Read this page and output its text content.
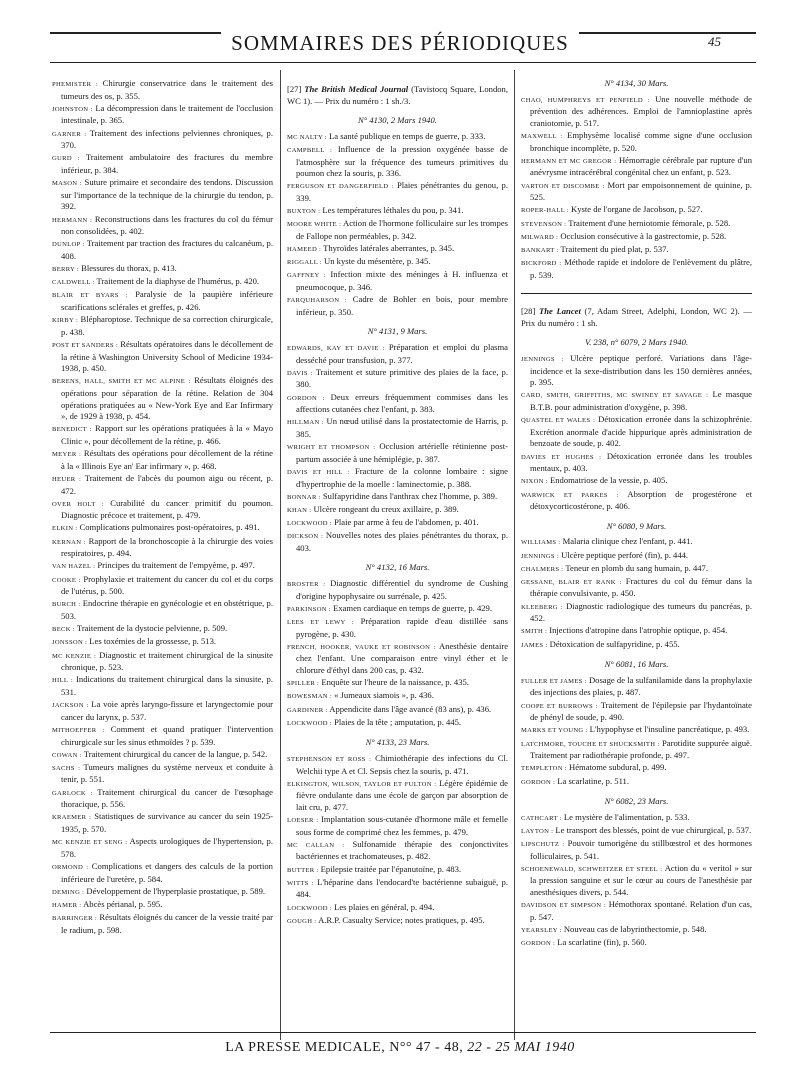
SOMMAIRES DES PÉRIODIQUES	45

PHEMISTER : Chirurgie conservatrice dans le traitement des tumeurs des os, p. 355.

JOHNSTON : La décompression dans le traitement de l'occlusion intestinale, p. 365.

GARNER : Traitement des infections pelviennes chroniques, p. 370.

GURD : Traitement ambulatoire des fractures du membre inférieur, p. 384.

MASON : Suture primaire et secondaire des tendons. Discussion sur l'importance de la technique de la chirurgie du tendon, p. 392.

HERMANN : Reconstructions dans les fractures du col du fémur non consolidées, p. 402.

DUNLOP : Traitement par traction des fractures du calcanéum, p. 408.

BERRY : Blessures du thorax, p. 413.

CALDWELL : Traitement de la diaphyse de l'humérus, p. 420.

BLAIR ET BYARS : Paralysie de la paupière inférieure scarifications sclérales et greffes, p. 426.

KIRBY : Blépharoptose. Technique de sa correction chirurgicale, p. 438.

POST ET SANDERS : Résultats opératoires dans le décollement de la rétine à Washington University School of Medicine 1934-1938, p. 450.

BERENS, HALL, SMITH ET MC ALPINE : Résultats éloignés des opérations pour séparation de la rétine. Relation de 304 opérations pratiquées au « New-York Eye and Ear Infirmary », de 1929 à 1938, p. 454.

BENEDICT : Rapport sur les opérations pratiquées à la « Mayo Clinic », pour décollement de la rétine, p. 466.

MEYER : Résultats des opérations pour décollement de la rétine à la « Illinois Eye an' Ear infirmary », p. 468.

HEUER : Traitement de l'abcès du poumon aigu ou récent, p. 472.

OVER HOLT : Curabilité du cancer primitif du poumon. Diagnostic précoce et traitement, p. 479.

ELKIN : Complications pulmonaires post-opératoires, p. 491.

KERNAN : Rapport de la bronchoscopie à la chirurgie des voies respiratoires, p. 494.

VAN HAZEL : Principes du traitement de l'empyème, p. 497.

COOKE : Prophylaxie et traitement du cancer du col et du corps de l'utérus, p. 500.

BURCH : Endocrine thérapie en gynécologie et en obstétrique, p. 503.

BECK : Traitement de la dystocie pelvienne, p. 509.

JONSSON : Les toxémies de la grossesse, p. 513.

MC KENZIE : Diagnostic et traitement chirurgical de la sinusite chronique, p. 523.

HILL : Indications du traitement chirurgical dans la sinusite, p. 531.

JACKSON : La voie après laryngo-fissure et laryngectomie pour cancer du larynx, p. 537.

MITHOEFFER : Comment et quand pratiquer l'intervention chirurgicale sur les sinus ethmoïdes ? p. 539.

COWAN : Traitement chirurgical du cancer de la langue, p. 542.

SACHS : Tumeurs malignes du système nerveux et conduite à tenir, p. 551.

GARLOCK : Traitement chirurgical du cancer de l'œsophage thoracique, p. 556.

KRAEMER : Statistiques de survivance au cancer du sein 1925-1935, p. 570.

MC KENZIE ET SENG : Aspects urologiques de l'hypertension, p. 578.

ORMOND : Complications et dangers des calculs de la portion inférieure de l'uretère, p. 584.

DEMING : Développement de l'hyperplasie prostatique, p. 589.

HAMER : Abcès périanal, p. 595.

BARRINGER : Résultats éloignés du cancer de la vessie traité par le radium, p. 598.

[27] The British Medical Journal (Tavistocq Square, London, WC 1). — Prix du numéro : 1 sh./3.
N° 4130, 2 Mars 1940.

MC NALTY : La santé publique en temps de guerre, p. 333.

CAMPBELL : Influence de la pression oxygénée basse de l'atmosphère sur la fréquence des tumeurs primitives du poumon chez la souris, p. 336.

FERGUSON ET DANGERFIELD : Plaies pénétrantes du genou, p. 339.

BUXTON : Les températures léthales du pou, p. 341.

MOORE WHITE : Action de l'hormone folliculaire sur les trompes de Fallope non perméables, p. 342.

HAMEED : Thyroïdes latérales aberrantes, p. 345.

RIGGALL : Un kyste du mésentère, p. 345.

GAFFNEY : Infection mixte des méninges à H. influenza et pneumocoque, p. 346.

FARQUHARSON : Cadre de Bohler en bois, pour membre inférieur, p. 350.

N° 4131, 9 Mars.

EDWARDS, KAY ET DAVIE : Préparation et emploi du plasma desséché pour transfusion, p. 377.

DAVIS : Traitement et suture primitive des plaies de la face, p. 380.

GORDON : Deux erreurs fréquemment commises dans les affections cutanées chez l'enfant, p. 383.

HILLMAN : Un nœud utilisé dans la prostatectomie de Harris, p. 385.

WRIGHT ET THOMPSON : Occlusion artérielle rétinienne post-partum associée à une hémiplégie, p. 387.

DAVIS ET HILL : Fracture de la colonne lombaire : signe d'hypertrophie de la moelle : laminectomie, p. 388.

BONNAR : Sulfapyridine dans l'anthrax chez l'homme, p. 389.

KHAN : Ulcère rongeant du creux axillaire, p. 389.

LOCKWOOD : Plaie par arme à feu de l'abdomen, p. 401.

DICKSON : Nouvelles notes des plaies pénétrantes du thorax, p. 403.

N° 4132, 16 Mars.

BROSTER : Diagnostic différentiel du syndrome de Cushing d'origine hypophysaire ou surrénale, p. 425.

PARKINSON : Examen cardiaque en temps de guerre, p. 429.

LEES ET LEWY : Préparation rapide d'eau distillée sans pyrogène, p. 430.

FRENCH, HOOKER, VAUKE ET ROBINSON : Anesthésie dentaire chez l'enfant. Une comparaison entre vinyl éther et le chlorure d'éthyl dans 200 cas, p. 432.

SPILLER : Enquête sur l'heure de la naissance, p. 435.

BOWESMAN : « Jumeaux siamois », p. 436.

GARDINER : Appendicite dans l'âge avancé (83 ans), p. 436.

LOCKWOOD : Plaies de la tête ; amputation, p. 445.

N° 4133, 23 Mars.

STEPHENSON ET ROSS : Chimiothérapie des infections du Cl. Welchii type A et Cl. Sepsis chez la souris, p. 471.

ELKINGTON, WILSON, TAYLOR ET FULTON : Légère épidémie de fièvre ondulante dans une école de garçon par absorption de lait cru, p. 477.

LOESER : Implantation sous-cutanée d'hormone mâle et femelle sous forme de comprimé chez les femmes, p. 479.

MC CALLAN : Sulfonamide thérapie des conjonctivites bactériennes et trachomateuses, p. 482.

BUTTER : Epilepsie traitée par l'épanutoïne, p. 483.

WITTS : L'héparine dans l'endocard'te bactérienne subaiguë, p. 484.

LOCKWOOD : Les plaies en général, p. 494.

GOUGH : A.R.P. Casualty Service; notes pratiques, p. 495.

N° 4134, 30 Mars.

CHAO, HUMPHREYS ET PENFIELD : Une nouvelle méthode de prévention des adhérences. Emploi de l'amnioplastine après craniotomie, p. 517.

MAXWELL : Emphysème localisé comme signe d'une occlusion bronchique incomplète, p. 520.

HERMANN ET MC GREGOR : Hémorragie cérébrale par rupture d'un anévrysme intracérébral congénital chez un enfant, p. 523.

VARTON ET DISCOMBE : Mort par empoisonnement de quinine, p. 525.

ROPER-HALL : Kyste de l'organe de Jacobson, p. 527.

STEVENSON : Traitement d'une herniotomie fémorale, p. 528.

MILWARD : Occlusion consécutive à la gastrectomie, p. 528.

BANKART : Traitement du pied plat, p. 537.

BICKFORD : Méthode rapide et indolore de l'enlèvement du plâtre, p. 539.

[28] The Lancet (7, Adam Street, Adelphi, London, WC 2). — Prix du numéro : 1 sh.
V. 238, n° 6079, 2 Mars 1940.

JENNINGS : Ulcère peptique perforé. Variations dans l'âge-incidence et la sexe-distribution dans les 150 dernières années, p. 395.

CARD, SMITH, GRIFFITHS, MC SWINEY ET SAVAGE : Le masque B.T.B. pour administration d'oxygène, p. 398.

QUASTEL ET WALES : Détoxication erronée dans la schizophrénie. Excrétion anormale d'acide hippurique après administration de benzoate de soude, p. 402.

DAVIES ET HUGHES : Détoxication erronée dans les troubles mentaux, p. 403.

NIXON : Endomatriose de la vessie, p. 405.

WARWICK ET PARKES : Absorption de progestérone et détoxycorticostérone, p. 406.

N° 6080, 9 Mars.

WILLIAMS : Malaria clinique chez l'enfant, p. 441.

JENNINGS : Ulcère peptique perforé (fin), p. 444.

CHALMERS : Teneur en plomb du sang humain, p. 447.

GESSANE, BLAIR ET RANK : Fractures du col du fémur dans la thérapie convulsivante, p. 450.

KLEEBERG : Diagnostic radiologique des tumeurs du pancréas, p. 452.

SMITH : Injections d'atropine dans l'atrophie optique, p. 454.

JAMES : Détoxication de sulfapyridine, p. 455.

N° 6081, 16 Mars.

FULLER ET JAMES : Dosage de la sulfanilamide dans la prophylaxie des injections des plaies, p. 487.

COOPE ET BURROWS : Traitement de l'épilepsie par l'hydantoïnate de phényl de soude, p. 490.

MARKS ET YOUNG : L'hypophyse et l'insuline pancréatique, p. 493.

LATCHMORE, TOUCHE ET SHUCKSMITH : Parotidite suppurée aiguë. Traitement par radiothérapie profonde, p. 497.

TEMPLETON : Hématome subdural, p. 499.

GORDON : La scarlatine, p. 511.

N° 6082, 23 Mars.

CATHCART : Le mystère de l'alimentation, p. 533.

LAYTON : Le transport des blessés, point de vue chirurgical, p. 537.

LIPSCHUTZ : Pouvoir tumorigène du stillbœstrol et des hormones folliculaires, p. 541.

SCHOENEWALD, SCHWEITZER ET STEEL : Action du « veritol » sur la pression sanguine et sur le cœur au cours de l'anesthésie par anesthésiques divers, p. 544.

DAVIDSON ET SIMPSON : Hémothorax spontané. Relation d'un cas, p. 547.

YEARSLEY : Nouveau cas de labyrinthectomie, p. 548.

GORDON : La scarlatine (fin), p. 560.

LA PRESSE MEDICALE, N°° 47 - 48, 22 - 25 MAI 1940
